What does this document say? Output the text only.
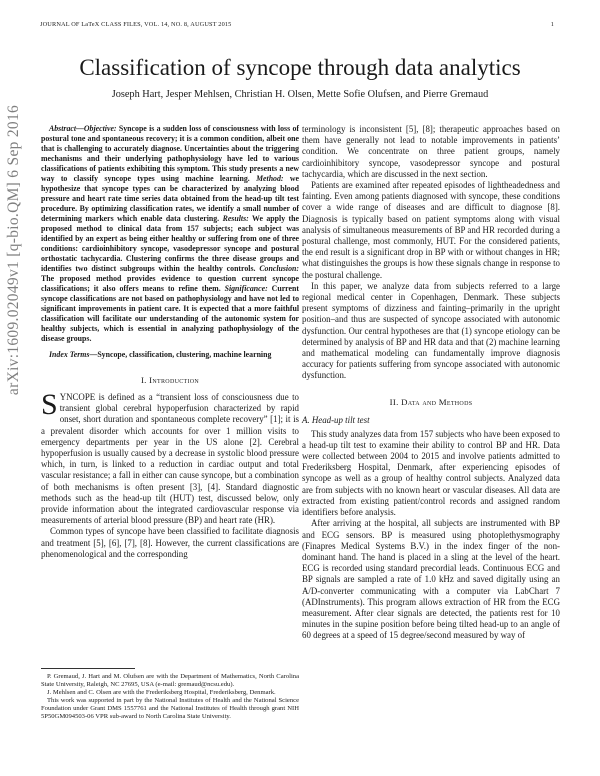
JOURNAL OF LaTeX CLASS FILES, VOL. 14, NO. 8, AUGUST 2015	1
arXiv:1609.02049v1 [q-bio.QM] 6 Sep 2016
Classification of syncope through data analytics
Joseph Hart, Jesper Mehlsen, Christian H. Olsen, Mette Sofie Olufsen, and Pierre Gremaud

Abstract—Objective: Syncope is a sudden loss of consciousness with loss of postural tone and spontaneous recovery; it is a common condition, albeit one that is challenging to accurately diagnose. Uncertainties about the triggering mechanisms and their underlying pathophysiology have led to various classifications of patients exhibiting this symptom. This study presents a new way to classify syncope types using machine learning. Method: we hypothesize that syncope types can be characterized by analyzing blood pressure and heart rate time series data obtained from the head-up tilt test procedure. By optimizing classification rates, we identify a small number of determining markers which enable data clustering. Results: We apply the proposed method to clinical data from 157 subjects; each subject was identified by an expert as being either healthy or suffering from one of three conditions: cardioinhibitory syncope, vasodepressor syncope and postural orthostatic tachycardia. Clustering confirms the three disease groups and identifies two distinct subgroups within the healthy controls. Conclusion: The proposed method provides evidence to question current syncope classifications; it also offers means to refine them. Significance: Current syncope classifications are not based on pathophysiology and have not led to significant improvements in patient care. It is expected that a more faithful classification will facilitate our understanding of the autonomic system for healthy subjects, which is essential in analyzing pathophysiology of the disease groups.

Index Terms—Syncope, classification, clustering, machine learning

I. Introduction

SYNCOPE is defined as a “transient loss of consciousness due to transient global cerebral hypoperfusion characterized by rapid onset, short duration and spontaneous complete recovery” [1]; it is a prevalent disorder which accounts for over 1 million visits to emergency departments per year in the US alone [2]. Cerebral hypoperfusion is usually caused by a decrease in systolic blood pressure which, in turn, is linked to a reduction in cardiac output and total vascular resistance; a fall in either can cause syncope, but a combination of both mechanisms is often present [3], [4]. Standard diagnostic methods such as the head-up tilt (HUT) test, discussed below, only provide information about the integrated cardiovascular response via measurements of arterial blood pressure (BP) and heart rate (HR).

Common types of syncope have been classified to facilitate diagnosis and treatment [5], [6], [7], [8]. However, the current classifications are phenomenological and the corresponding

P. Gremaud, J. Hart and M. Olufsen are with the Department of Mathematics, North Carolina State University, Raleigh, NC 27695, USA (e-mail: gremaud@ncsu.edu).

J. Mehlsen and C. Olsen are with the Frederiksberg Hospital, Frederiksberg, Denmark.

This work was supported in part by the National Institutes of Health and the National Science Foundation under Grant DMS 1557761 and the National Institutes of Health through grant NIH 5P50GM094503-06 VPR sub-award to North Carolina State University.

terminology is inconsistent [5], [8]; therapeutic approaches based on them have generally not lead to notable improvements in patients’ condition. We concentrate on three patient groups, namely cardioinhibitory syncope, vasodepressor syncope and postural tachycardia, which are discussed in the next section.

Patients are examined after repeated episodes of lightheadedness and fainting. Even among patients diagnosed with syncope, these conditions cover a wide range of diseases and are difficult to diagnose [8]. Diagnosis is typically based on patient symptoms along with visual analysis of simultaneous measurements of BP and HR recorded during a postural challenge, most commonly, HUT. For the considered patients, the end result is a significant drop in BP with or without changes in HR; what distinguishes the groups is how these signals change in response to the postural challenge.

In this paper, we analyze data from subjects referred to a large regional medical center in Copenhagen, Denmark. These subjects present symptoms of dizziness and fainting–primarily in the upright position–and thus are suspected of syncope associated with autonomic dysfunction. Our central hypotheses are that (1) syncope etiology can be determined by analysis of BP and HR data and that (2) machine learning and mathematical modeling can fundamentally improve diagnosis accuracy for patients suffering from syncope associated with autonomic dysfunction.

II. Data and Methods
A. Head-up tilt test

This study analyzes data from 157 subjects who have been exposed to a head-up tilt test to examine their ability to control BP and HR. Data were collected between 2004 to 2015 and involve patients admitted to Frederiksberg Hospital, Denmark, after experiencing episodes of syncope as well as a group of healthy control subjects. Analyzed data are from subjects with no known heart or vascular diseases. All data are extracted from existing patient/control records and assigned random identifiers before analysis.

After arriving at the hospital, all subjects are instrumented with BP and ECG sensors. BP is measured using photoplethysmography (Finapres Medical Systems B.V.) in the index finger of the non-dominant hand. The hand is placed in a sling at the level of the heart. ECG is recorded using standard precordial leads. Continuous ECG and BP signals are sampled a rate of 1.0 kHz and saved digitally using an A/D-converter communicating with a computer via LabChart 7 (ADInstruments). This program allows extraction of HR from the ECG measurement. After clear signals are detected, the patients rest for 10 minutes in the supine position before being tilted head-up to an angle of 60 degrees at a speed of 15 degree/second measured by way of
